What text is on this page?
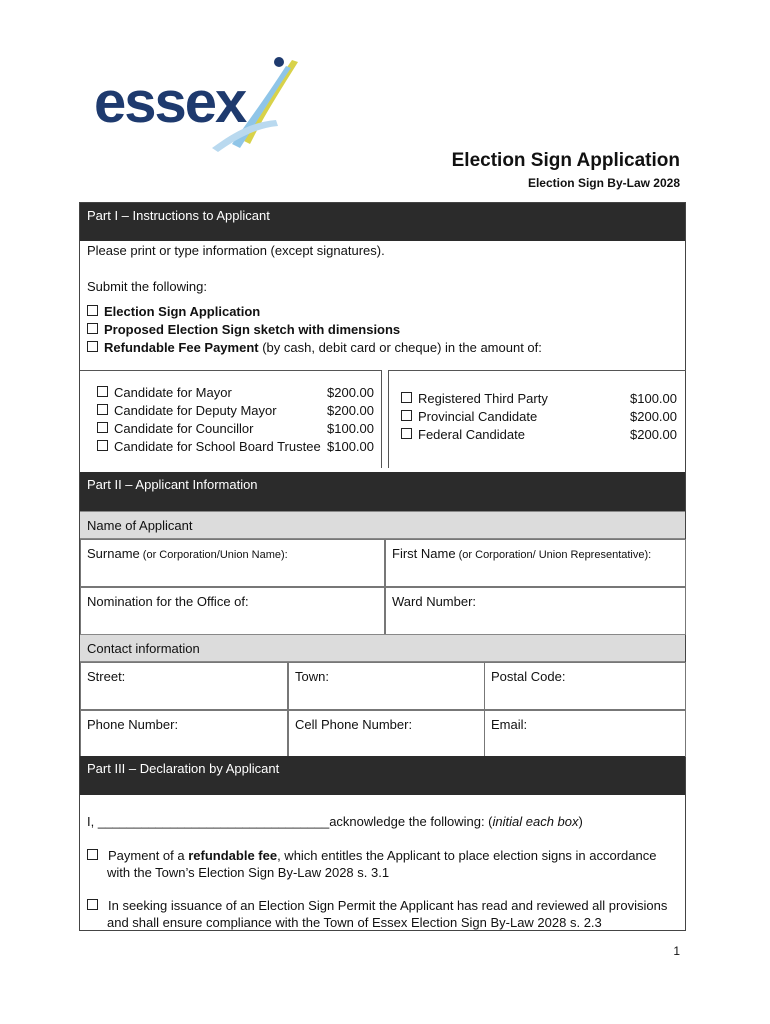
essex
Election Sign Application
Election Sign By-Law 2028
Part I – Instructions to Applicant
Please print or type information (except signatures).
Submit the following:
Election Sign Application
Proposed Election Sign sketch with dimensions
Refundable Fee Payment (by cash, debit card or cheque) in the amount of:
Candidate for Mayor	$200.00
Candidate for Deputy Mayor	$200.00
Candidate for Councillor	$100.00
Candidate for School Board Trustee $100.00
Registered Third Party	$100.00
Provincial Candidate	$200.00
Federal Candidate	$200.00
Part II – Applicant Information
Name of Applicant
Surname (or Corporation/Union Name):	First Name (or Corporation/ Union Representative):
Nomination for the Office of:	Ward Number:
Contact information
Street:	Town:	Postal Code:
Phone Number:	Cell Phone Number:	Email:
Part III – Declaration by Applicant
I, ________________________________acknowledge the following: (initial each box)
Payment of a refundable fee, which entitles the Applicant to place election signs in accordance
with the Town’s Election Sign By-Law 2028 s. 3.1
In seeking issuance of an Election Sign Permit the Applicant has read and reviewed all provisions
and shall ensure compliance with the Town of Essex Election Sign By-Law 2028 s. 2.3
1
